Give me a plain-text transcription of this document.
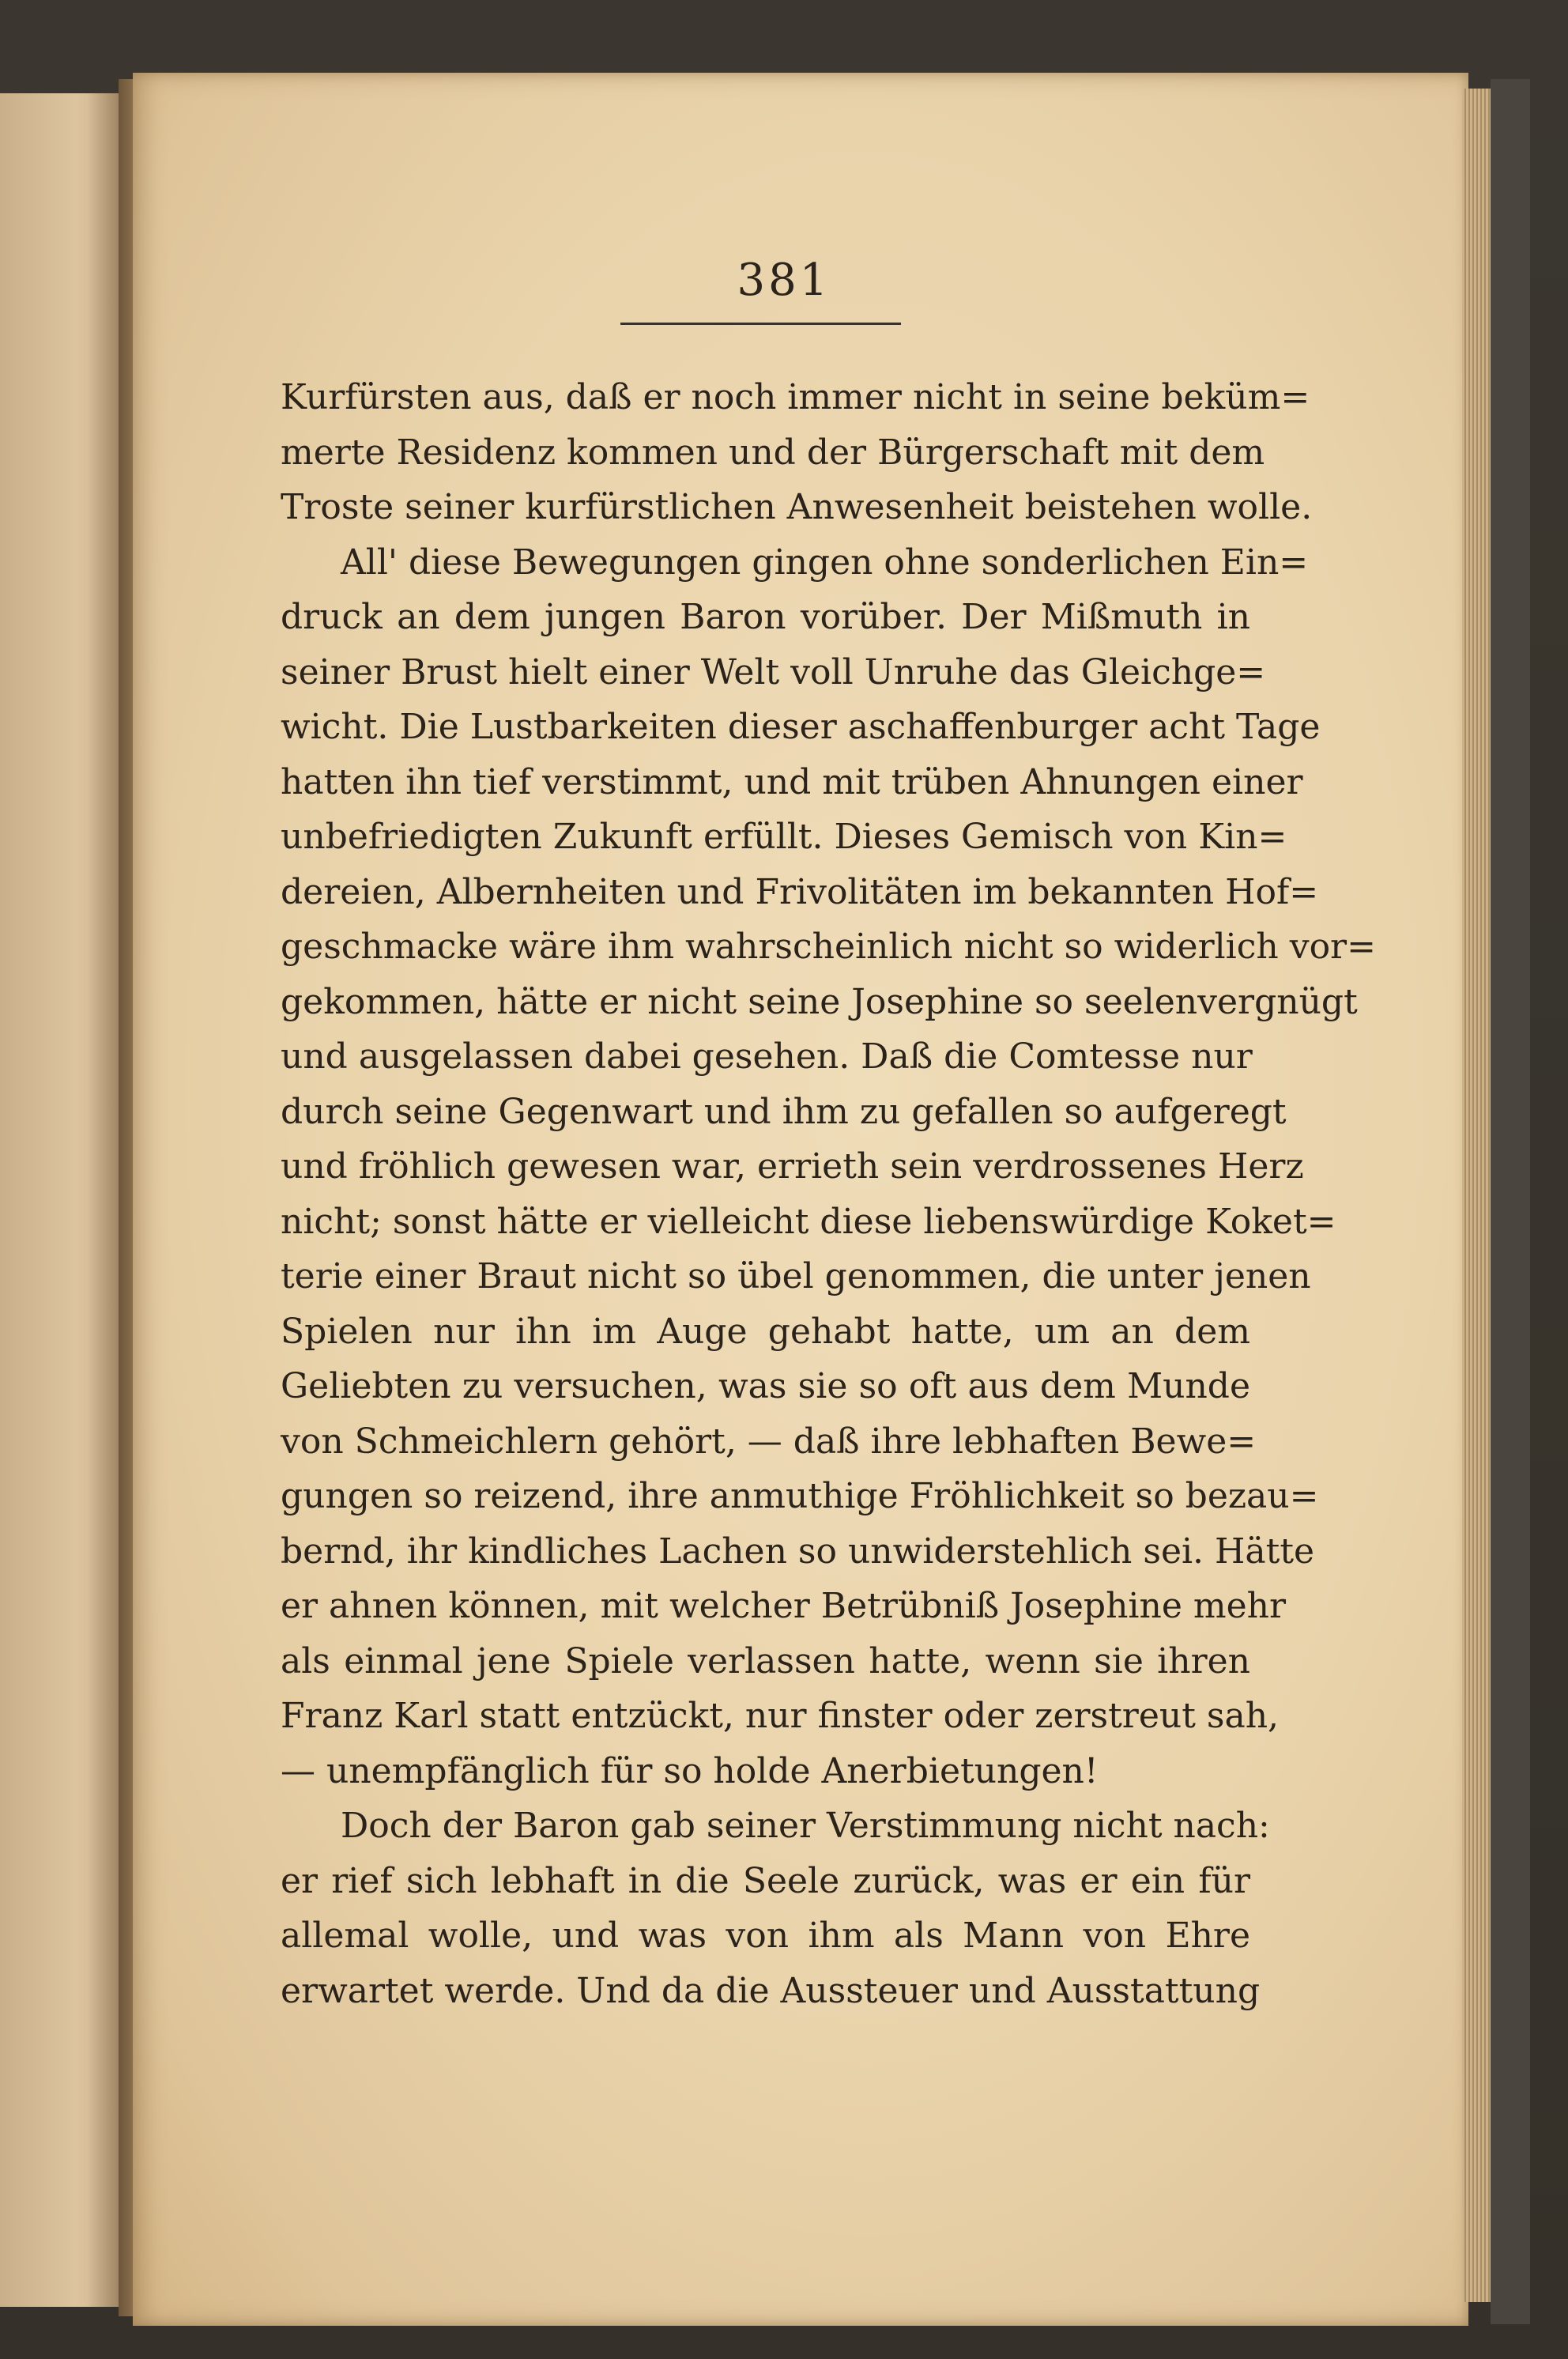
381
Kurfürsten aus, daß er noch immer nicht in seine beküm=
merte Residenz kommen und der Bürgerschaft mit dem
Troste seiner kurfürstlichen Anwesenheit beistehen wolle.
All' diese Bewegungen gingen ohne sonderlichen Ein=
druck an dem jungen Baron vorüber. Der Mißmuth in
seiner Brust hielt einer Welt voll Unruhe das Gleichge=
wicht. Die Lustbarkeiten dieser aschaffenburger acht Tage
hatten ihn tief verstimmt, und mit trüben Ahnungen einer
unbefriedigten Zukunft erfüllt. Dieses Gemisch von Kin=
dereien, Albernheiten und Frivolitäten im bekannten Hof=
geschmacke wäre ihm wahrscheinlich nicht so widerlich vor=
gekommen, hätte er nicht seine Josephine so seelenvergnügt
und ausgelassen dabei gesehen. Daß die Comtesse nur
durch seine Gegenwart und ihm zu gefallen so aufgeregt
und fröhlich gewesen war, errieth sein verdrossenes Herz
nicht; sonst hätte er vielleicht diese liebenswürdige Koket=
terie einer Braut nicht so übel genommen, die unter jenen
Spielen nur ihn im Auge gehabt hatte, um an dem
Geliebten zu versuchen, was sie so oft aus dem Munde
von Schmeichlern gehört, — daß ihre lebhaften Bewe=
gungen so reizend, ihre anmuthige Fröhlichkeit so bezau=
bernd, ihr kindliches Lachen so unwiderstehlich sei. Hätte
er ahnen können, mit welcher Betrübniß Josephine mehr
als einmal jene Spiele verlassen hatte, wenn sie ihren
Franz Karl statt entzückt, nur finster oder zerstreut sah,
— unempfänglich für so holde Anerbietungen!
Doch der Baron gab seiner Verstimmung nicht nach:
er rief sich lebhaft in die Seele zurück, was er ein für
allemal wolle, und was von ihm als Mann von Ehre
erwartet werde. Und da die Aussteuer und Ausstattung
